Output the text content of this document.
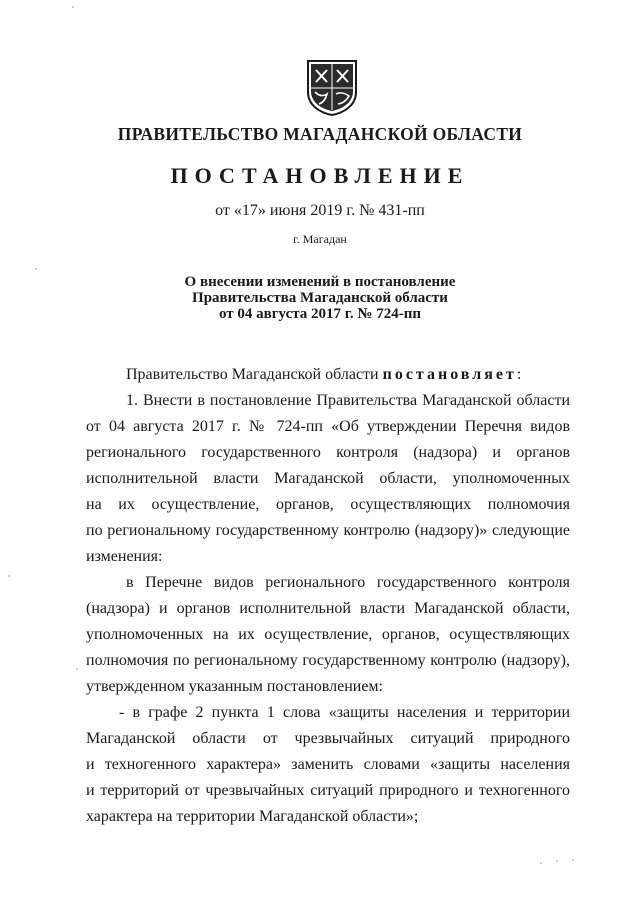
ПРАВИТЕЛЬСТВО МАГАДАНСКОЙ ОБЛАСТИ
ПОСТАНОВЛЕНИЕ
от «17» июня 2019 г. № 431-пп
г. Магадан
О внесении изменений в постановление
Правительства Магаданской области
от 04 августа 2017 г. № 724-пп
Правительство Магаданской области постановляет:
1. Внести в постановление Правительства Магаданской области
от 04 августа 2017 г. № 724-пп «Об утверждении Перечня видов
регионального государственного контроля (надзора) и органов
исполнительной власти Магаданской области, уполномоченных
на их осуществление, органов, осуществляющих полномочия
по региональному государственному контролю (надзору)» следующие
изменения:
в Перечне видов регионального государственного контроля
(надзора) и органов исполнительной власти Магаданской области,
уполномоченных на их осуществление, органов, осуществляющих
полномочия по региональному государственному контролю (надзору),
утвержденном указанным постановлением:
- в графе 2 пункта 1 слова «защиты населения и территории
Магаданской области от чрезвычайных ситуаций природного
и техногенного характера» заменить словами «защиты населения
и территорий от чрезвычайных ситуаций природного и техногенного
характера на территории Магаданской области»;
